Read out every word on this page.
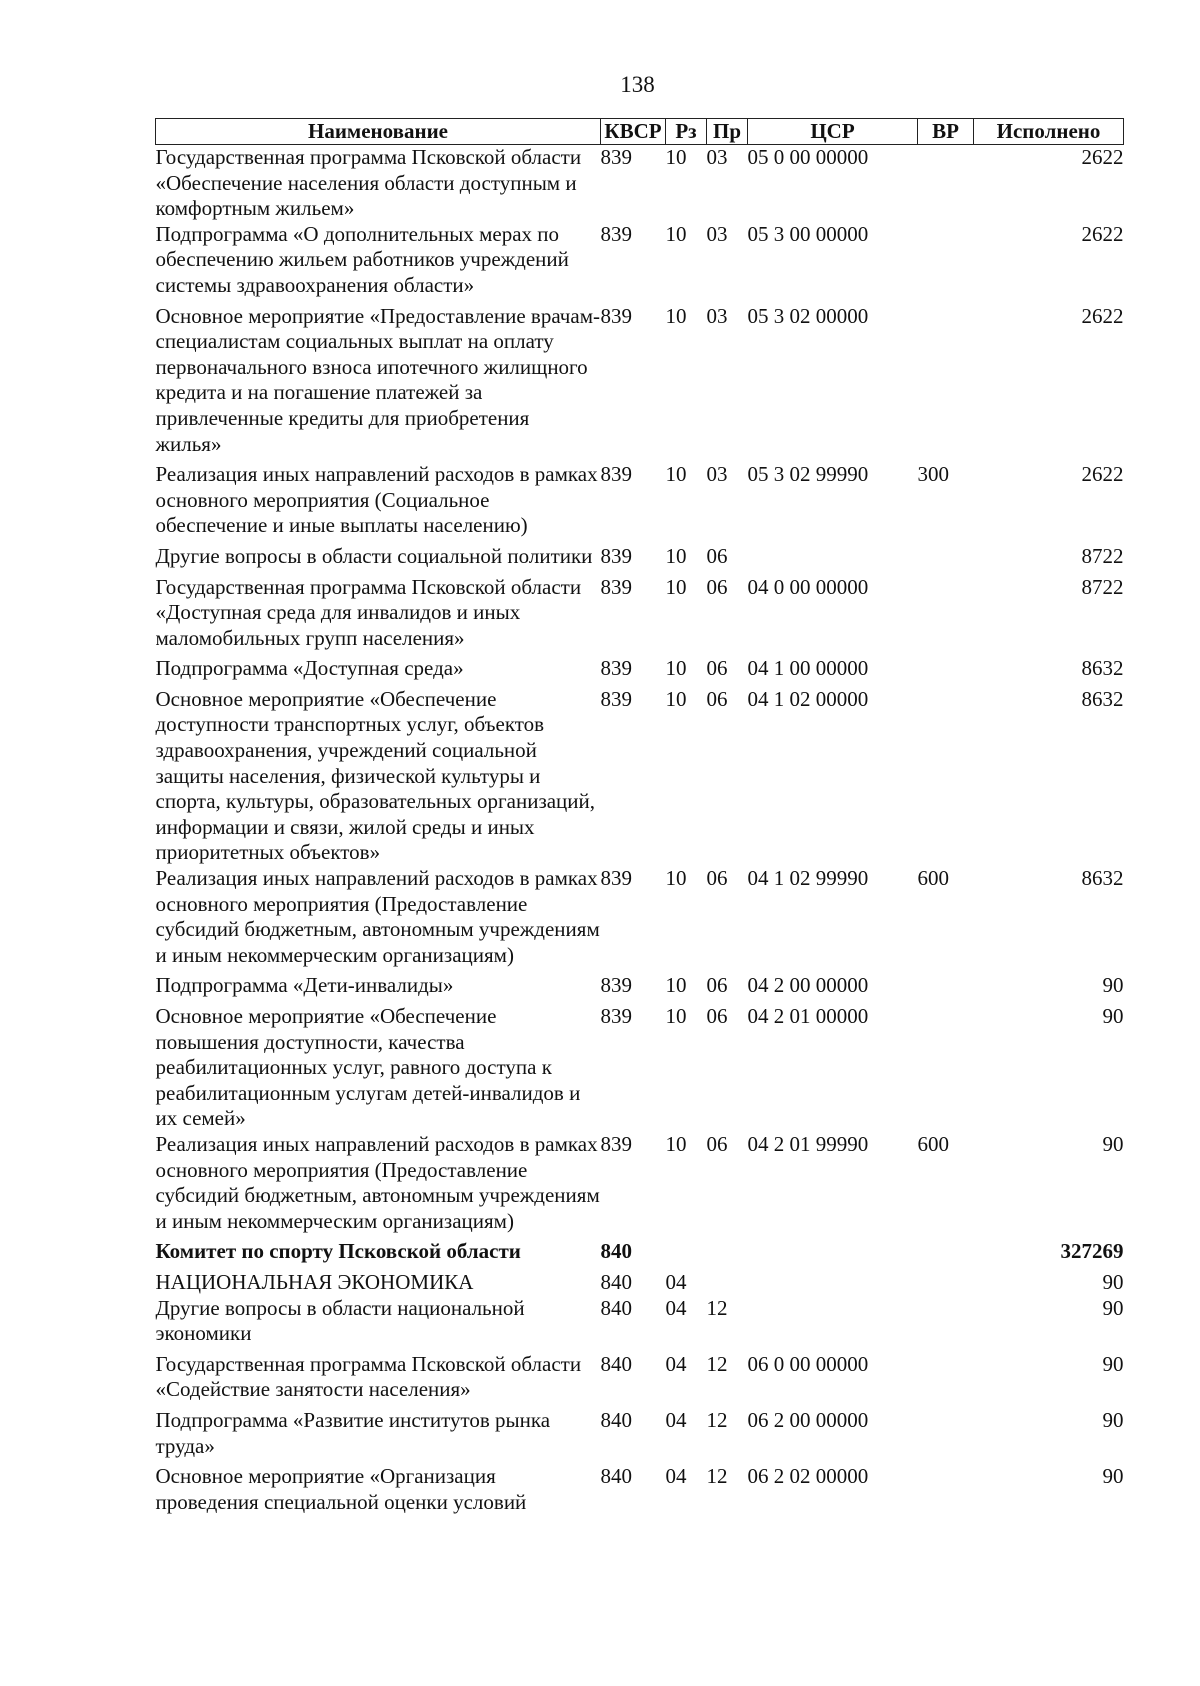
138
Наименование	КВСР	Рз	Пр	ЦСР	ВР	Исполнено
Государственная программа Псковской области «Обеспечение населения области доступным и комфортным жильем»	839	10	03	05 0 00 00000		2622
Подпрограмма «О дополнительных мерах по обеспечению жильем работников учреждений системы здравоохранения области»	839	10	03	05 3 00 00000		2622
Основное мероприятие «Предоставление врачам-специалистам социальных выплат на оплату первоначального взноса ипотечного жилищного кредита и на погашение платежей за привлеченные кредиты для приобретения жилья»	839	10	03	05 3 02 00000		2622
Реализация иных направлений расходов в рамках основного мероприятия (Социальное обеспечение и иные выплаты населению)	839	10	03	05 3 02 99990	300	2622
Другие вопросы в области социальной политики	839	10	06			8722
Государственная программа Псковской области «Доступная среда для инвалидов и иных маломобильных групп населения»	839	10	06	04 0 00 00000		8722
Подпрограмма «Доступная среда»	839	10	06	04 1 00 00000		8632
Основное мероприятие «Обеспечение доступности транспортных услуг, объектов здравоохранения, учреждений социальной защиты населения, физической культуры и спорта, культуры, образовательных организаций, информации и связи, жилой среды и иных приоритетных объектов»	839	10	06	04 1 02 00000		8632
Реализация иных направлений расходов в рамках основного мероприятия (Предоставление субсидий бюджетным, автономным учреждениям и иным некоммерческим организациям)	839	10	06	04 1 02 99990	600	8632
Подпрограмма «Дети-инвалиды»	839	10	06	04 2 00 00000		90
Основное мероприятие «Обеспечение повышения доступности, качества реабилитационных услуг, равного доступа к реабилитационным услугам детей-инвалидов и их семей»	839	10	06	04 2 01 00000		90
Реализация иных направлений расходов в рамках основного мероприятия (Предоставление субсидий бюджетным, автономным учреждениям и иным некоммерческим организациям)	839	10	06	04 2 01 99990	600	90
Комитет по спорту Псковской области	840					327269
НАЦИОНАЛЬНАЯ ЭКОНОМИКА	840	04				90
Другие вопросы в области национальной экономики	840	04	12			90
Государственная программа Псковской области «Содействие занятости населения»	840	04	12	06 0 00 00000		90
Подпрограмма «Развитие институтов рынка труда»	840	04	12	06 2 00 00000		90
Основное мероприятие «Организация проведения специальной оценки условий	840	04	12	06 2 02 00000		90
